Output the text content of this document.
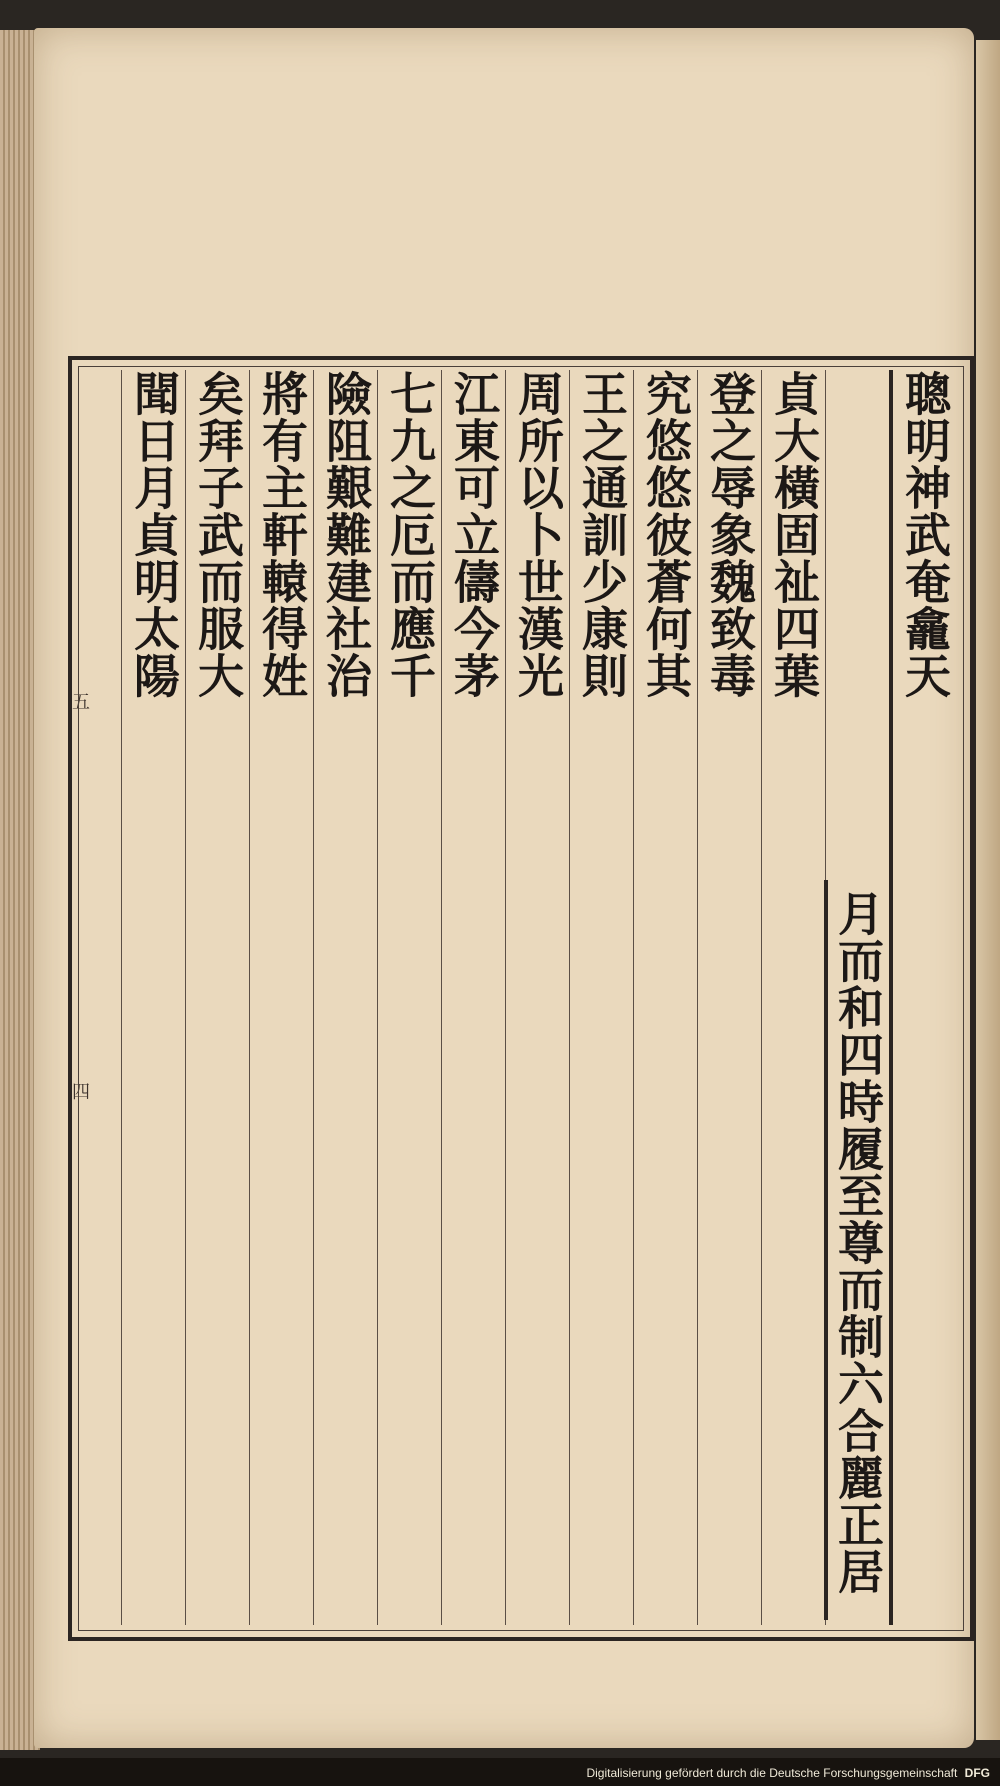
五
四
聰明神武奄龕天
月而和四時履至尊而制六合麗正居
貞大橫固祉四葉
登之辱象魏致毒
究悠悠彼蒼何其
王之通訓少康則
周所以卜世漢光
江東可立儔今茅
七九之厄而應千
險阻艱難建社治
將有主軒轅得姓
矣拜子武而服大
聞日月貞明太陽
Digitalisierung gefördert durch die Deutsche Forschungsgemeinschaft DFG
